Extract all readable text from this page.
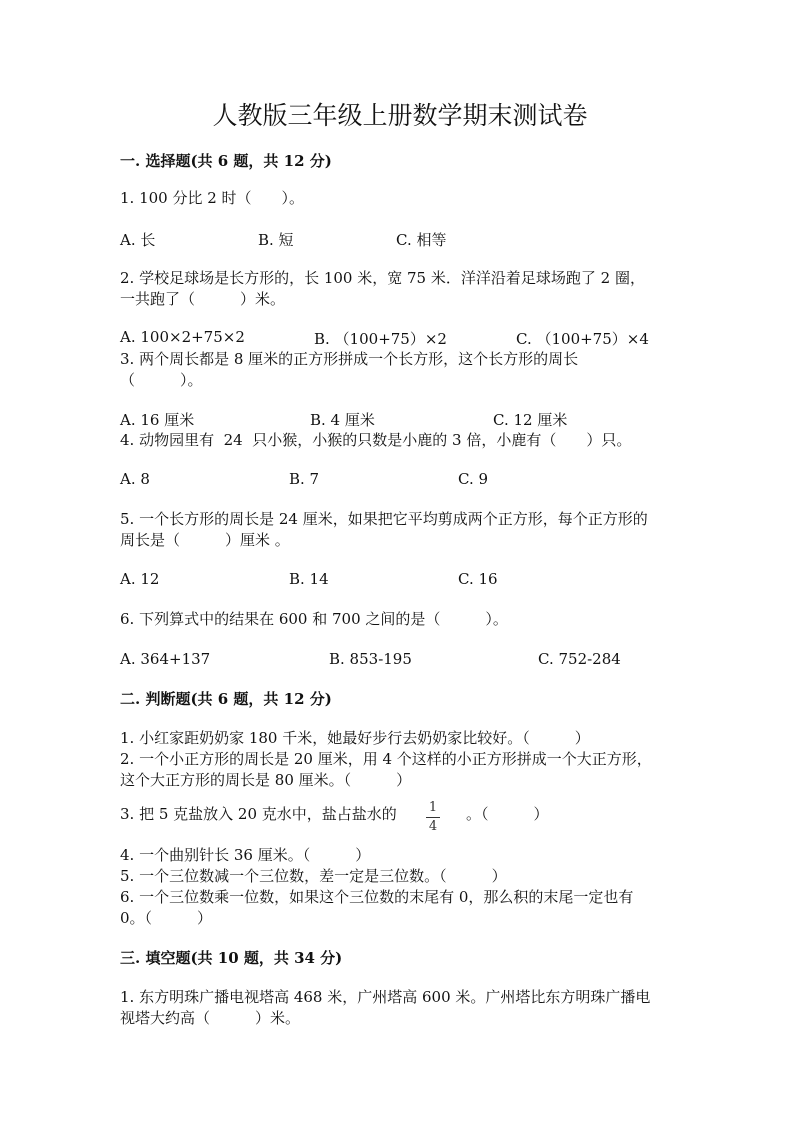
人教版三年级上册数学期末测试卷
一. 选择题(共 6 题，共 12 分)
1. 100 分比 2 时（　　）。
A. 长	B. 短	C. 相等
2. 学校足球场是长方形的，长 100 米，宽 75 米．洋洋沿着足球场跑了 2 圈，
一共跑了（　　　）米。
A. 100×2+75×2	B. （100+75）×2	C. （100+75）×4
3. 两个周长都是 8 厘米的正方形拼成一个长方形，这个长方形的周长
（　　　）。
A. 16 厘米	B. 4 厘米	C. 12 厘米
4. 动物园里有  24  只小猴，小猴的只数是小鹿的 3 倍，小鹿有（　　）只。
A. 8	B. 7	C. 9
5. 一个长方形的周长是 24 厘米，如果把它平均剪成两个正方形，每个正方形的
周长是（　　　）厘米 。
A. 12	B. 14	C. 16
6. 下列算式中的结果在 600 和 700 之间的是（　　　）。
A. 364+137	B. 853-195	C. 752-284
二. 判断题(共 6 题，共 12 分)
1. 小红家距奶奶家 180 千米，她最好步行去奶奶家比较好。（　　　）
2. 一个小正方形的周长是 20 厘米，用 4 个这样的小正方形拼成一个大正方形，
这个大正方形的周长是 80 厘米。（　　　）
3. 把 5 克盐放入 20 克水中，盐占盐水的 1
4
。（　　　）
4. 一个曲别针长 36 厘米。（　　　）
5. 一个三位数减一个三位数，差一定是三位数。（　　　）
6. 一个三位数乘一位数，如果这个三位数的末尾有 0，那么积的末尾一定也有
0。（　　　）
三. 填空题(共 10 题，共 34 分)
1. 东方明珠广播电视塔高 468 米，广州塔高 600 米。广州塔比东方明珠广播电
视塔大约高（　　　）米。
